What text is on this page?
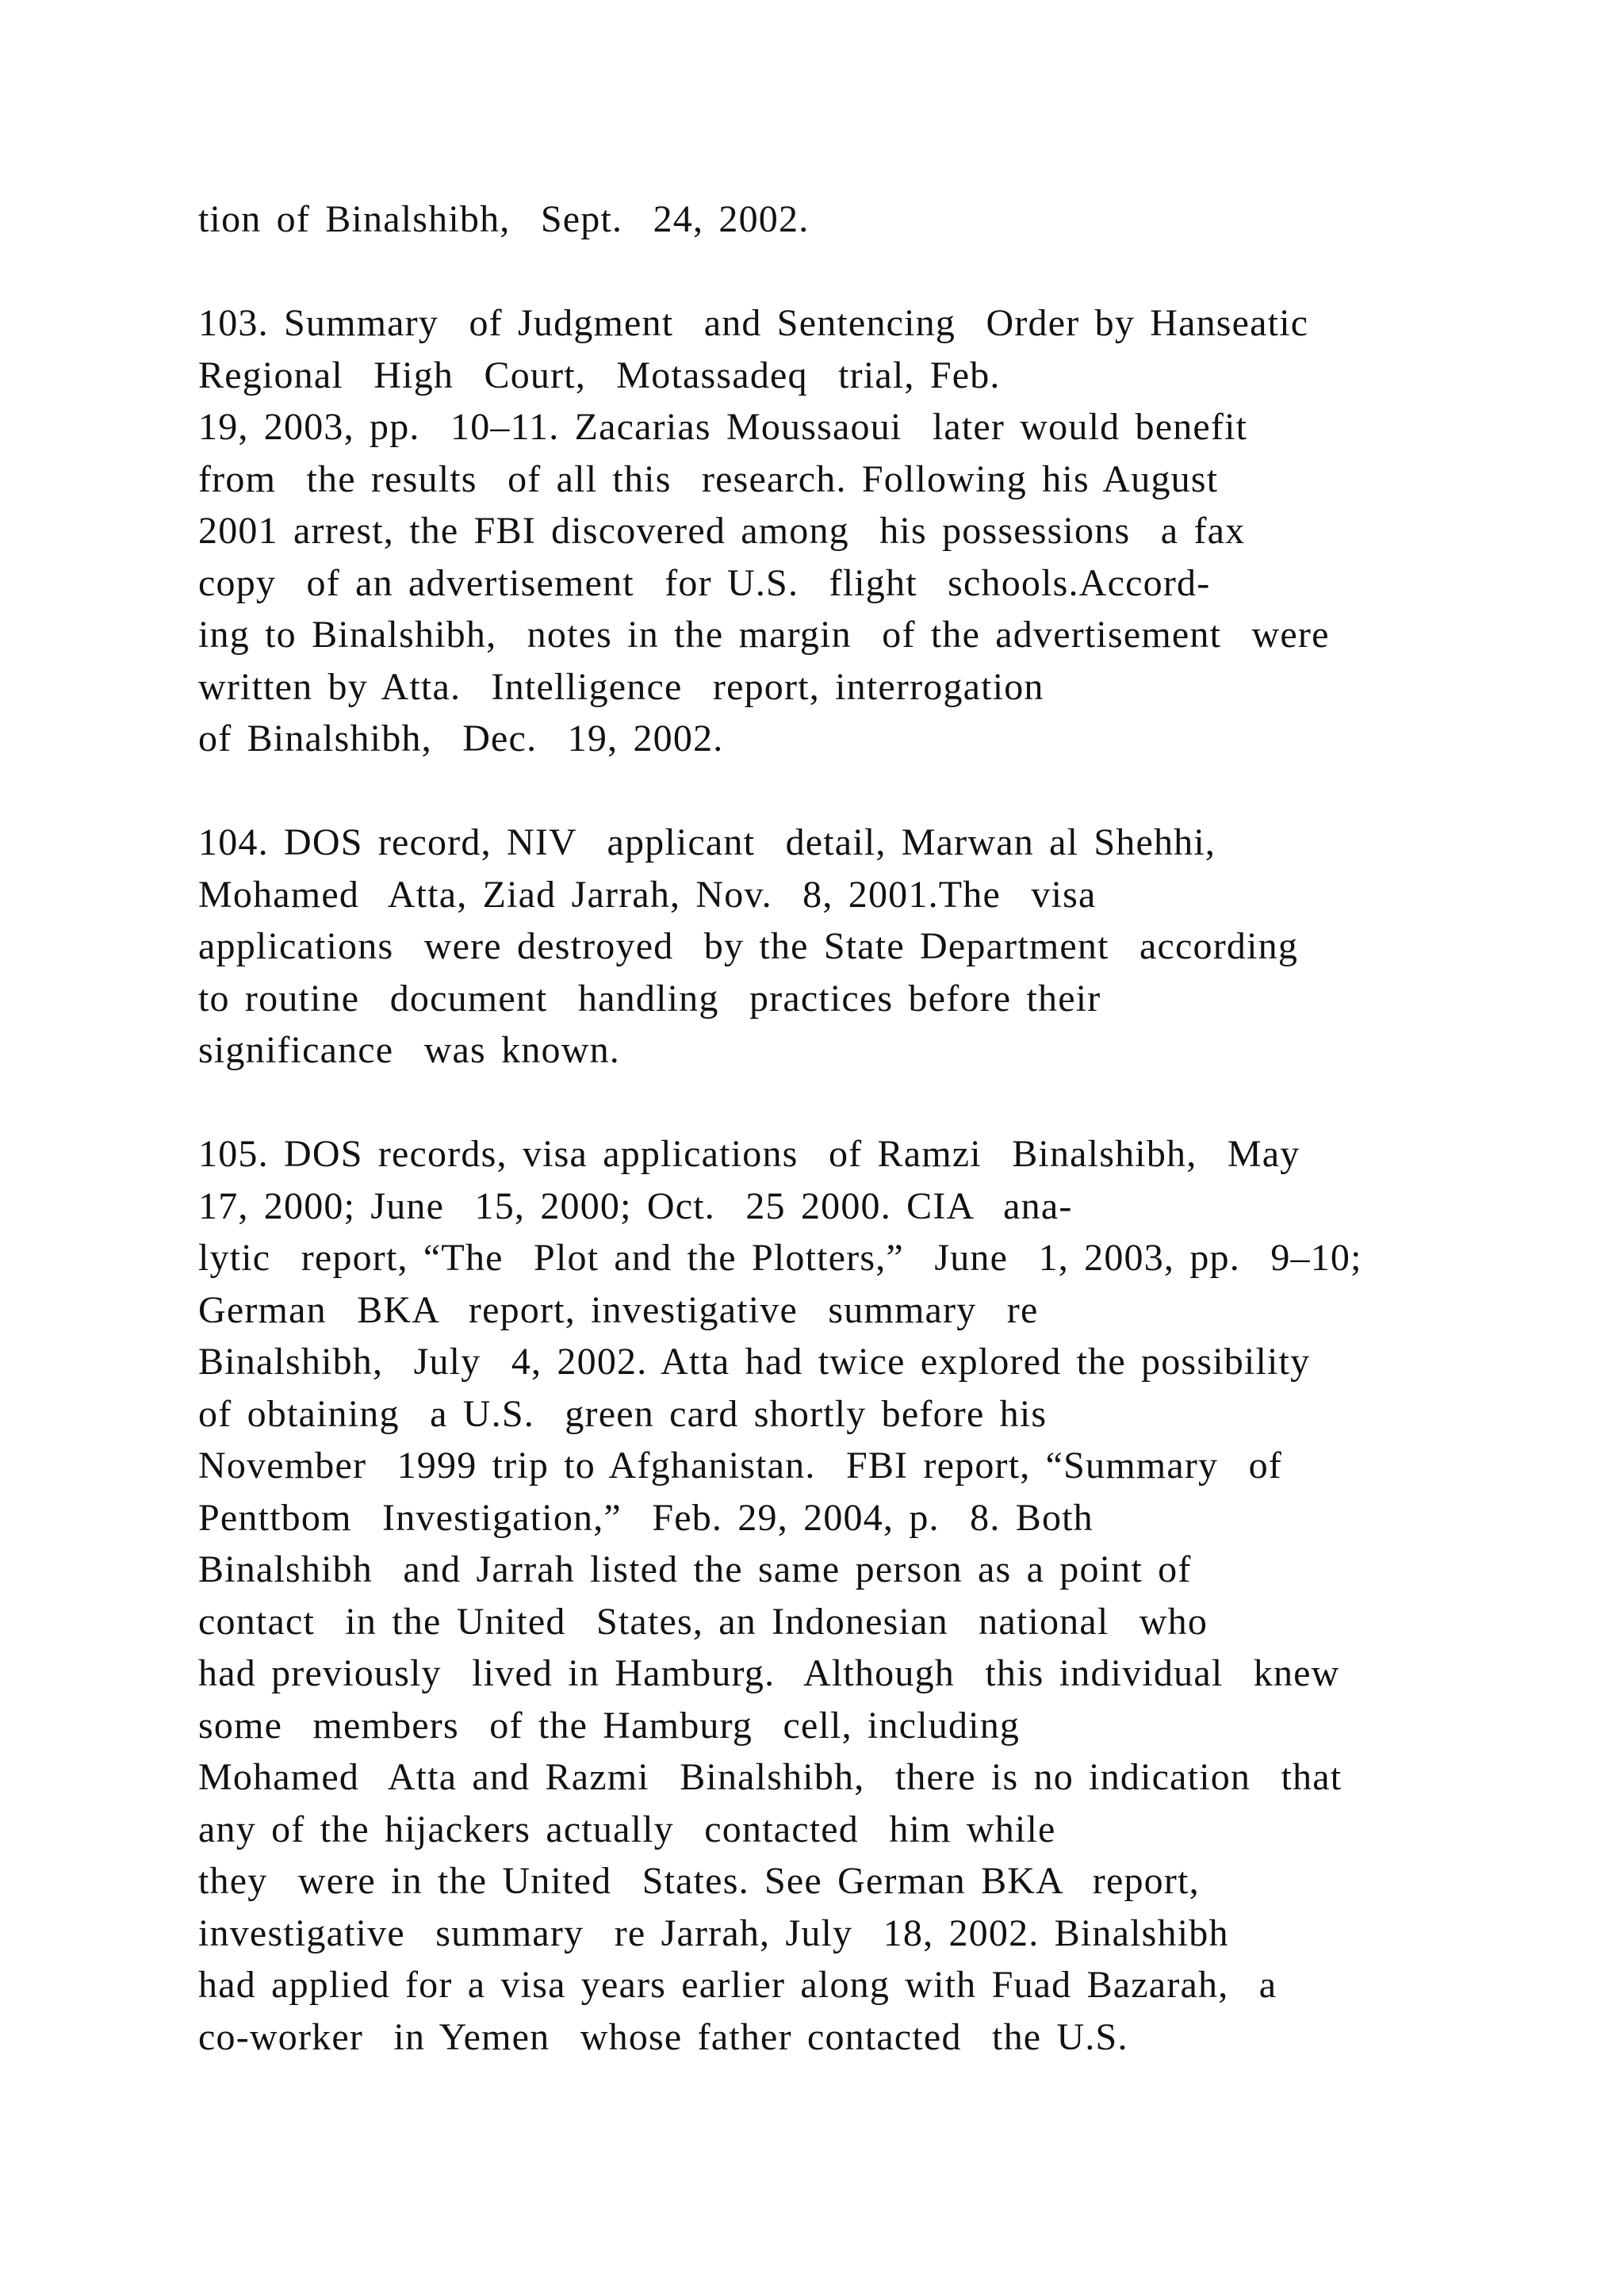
tion of Binalshibh,  Sept.  24, 2002.
103. Summary  of Judgment  and Sentencing  Order by Hanseatic
Regional  High  Court,  Motassadeq  trial, Feb.
19, 2003, pp.  10–11. Zacarias Moussaoui  later would benefit
from  the results  of all this  research. Following his August
2001 arrest, the FBI discovered among  his possessions  a fax
copy  of an advertisement  for U.S.  flight  schools.Accord-
ing to Binalshibh,  notes in the margin  of the advertisement  were
written by Atta.  Intelligence  report, interrogation
of Binalshibh,  Dec.  19, 2002.
104. DOS record, NIV  applicant  detail, Marwan al Shehhi,
Mohamed  Atta, Ziad Jarrah, Nov.  8, 2001.The  visa
applications  were destroyed  by the State Department  according
to routine  document  handling  practices before their
significance  was known.
105. DOS records, visa applications  of Ramzi  Binalshibh,  May
17, 2000; June  15, 2000; Oct.  25 2000. CIA  ana-
lytic  report, “The  Plot and the Plotters,”  June  1, 2003, pp.  9–10;
German  BKA  report, investigative  summary  re
Binalshibh,  July  4, 2002. Atta had twice explored the possibility
of obtaining  a U.S.  green card shortly before his
November  1999 trip to Afghanistan.  FBI report, “Summary  of
Penttbom  Investigation,”  Feb. 29, 2004, p.  8. Both
Binalshibh  and Jarrah listed the same person as a point of
contact  in the United  States, an Indonesian  national  who
had previously  lived in Hamburg.  Although  this individual  knew
some  members  of the Hamburg  cell, including
Mohamed  Atta and Razmi  Binalshibh,  there is no indication  that
any of the hijackers actually  contacted  him while
they  were in the United  States. See German BKA  report,
investigative  summary  re Jarrah, July  18, 2002. Binalshibh
had applied for a visa years earlier along with Fuad Bazarah,  a
co-worker  in Yemen  whose father contacted  the U.S.
